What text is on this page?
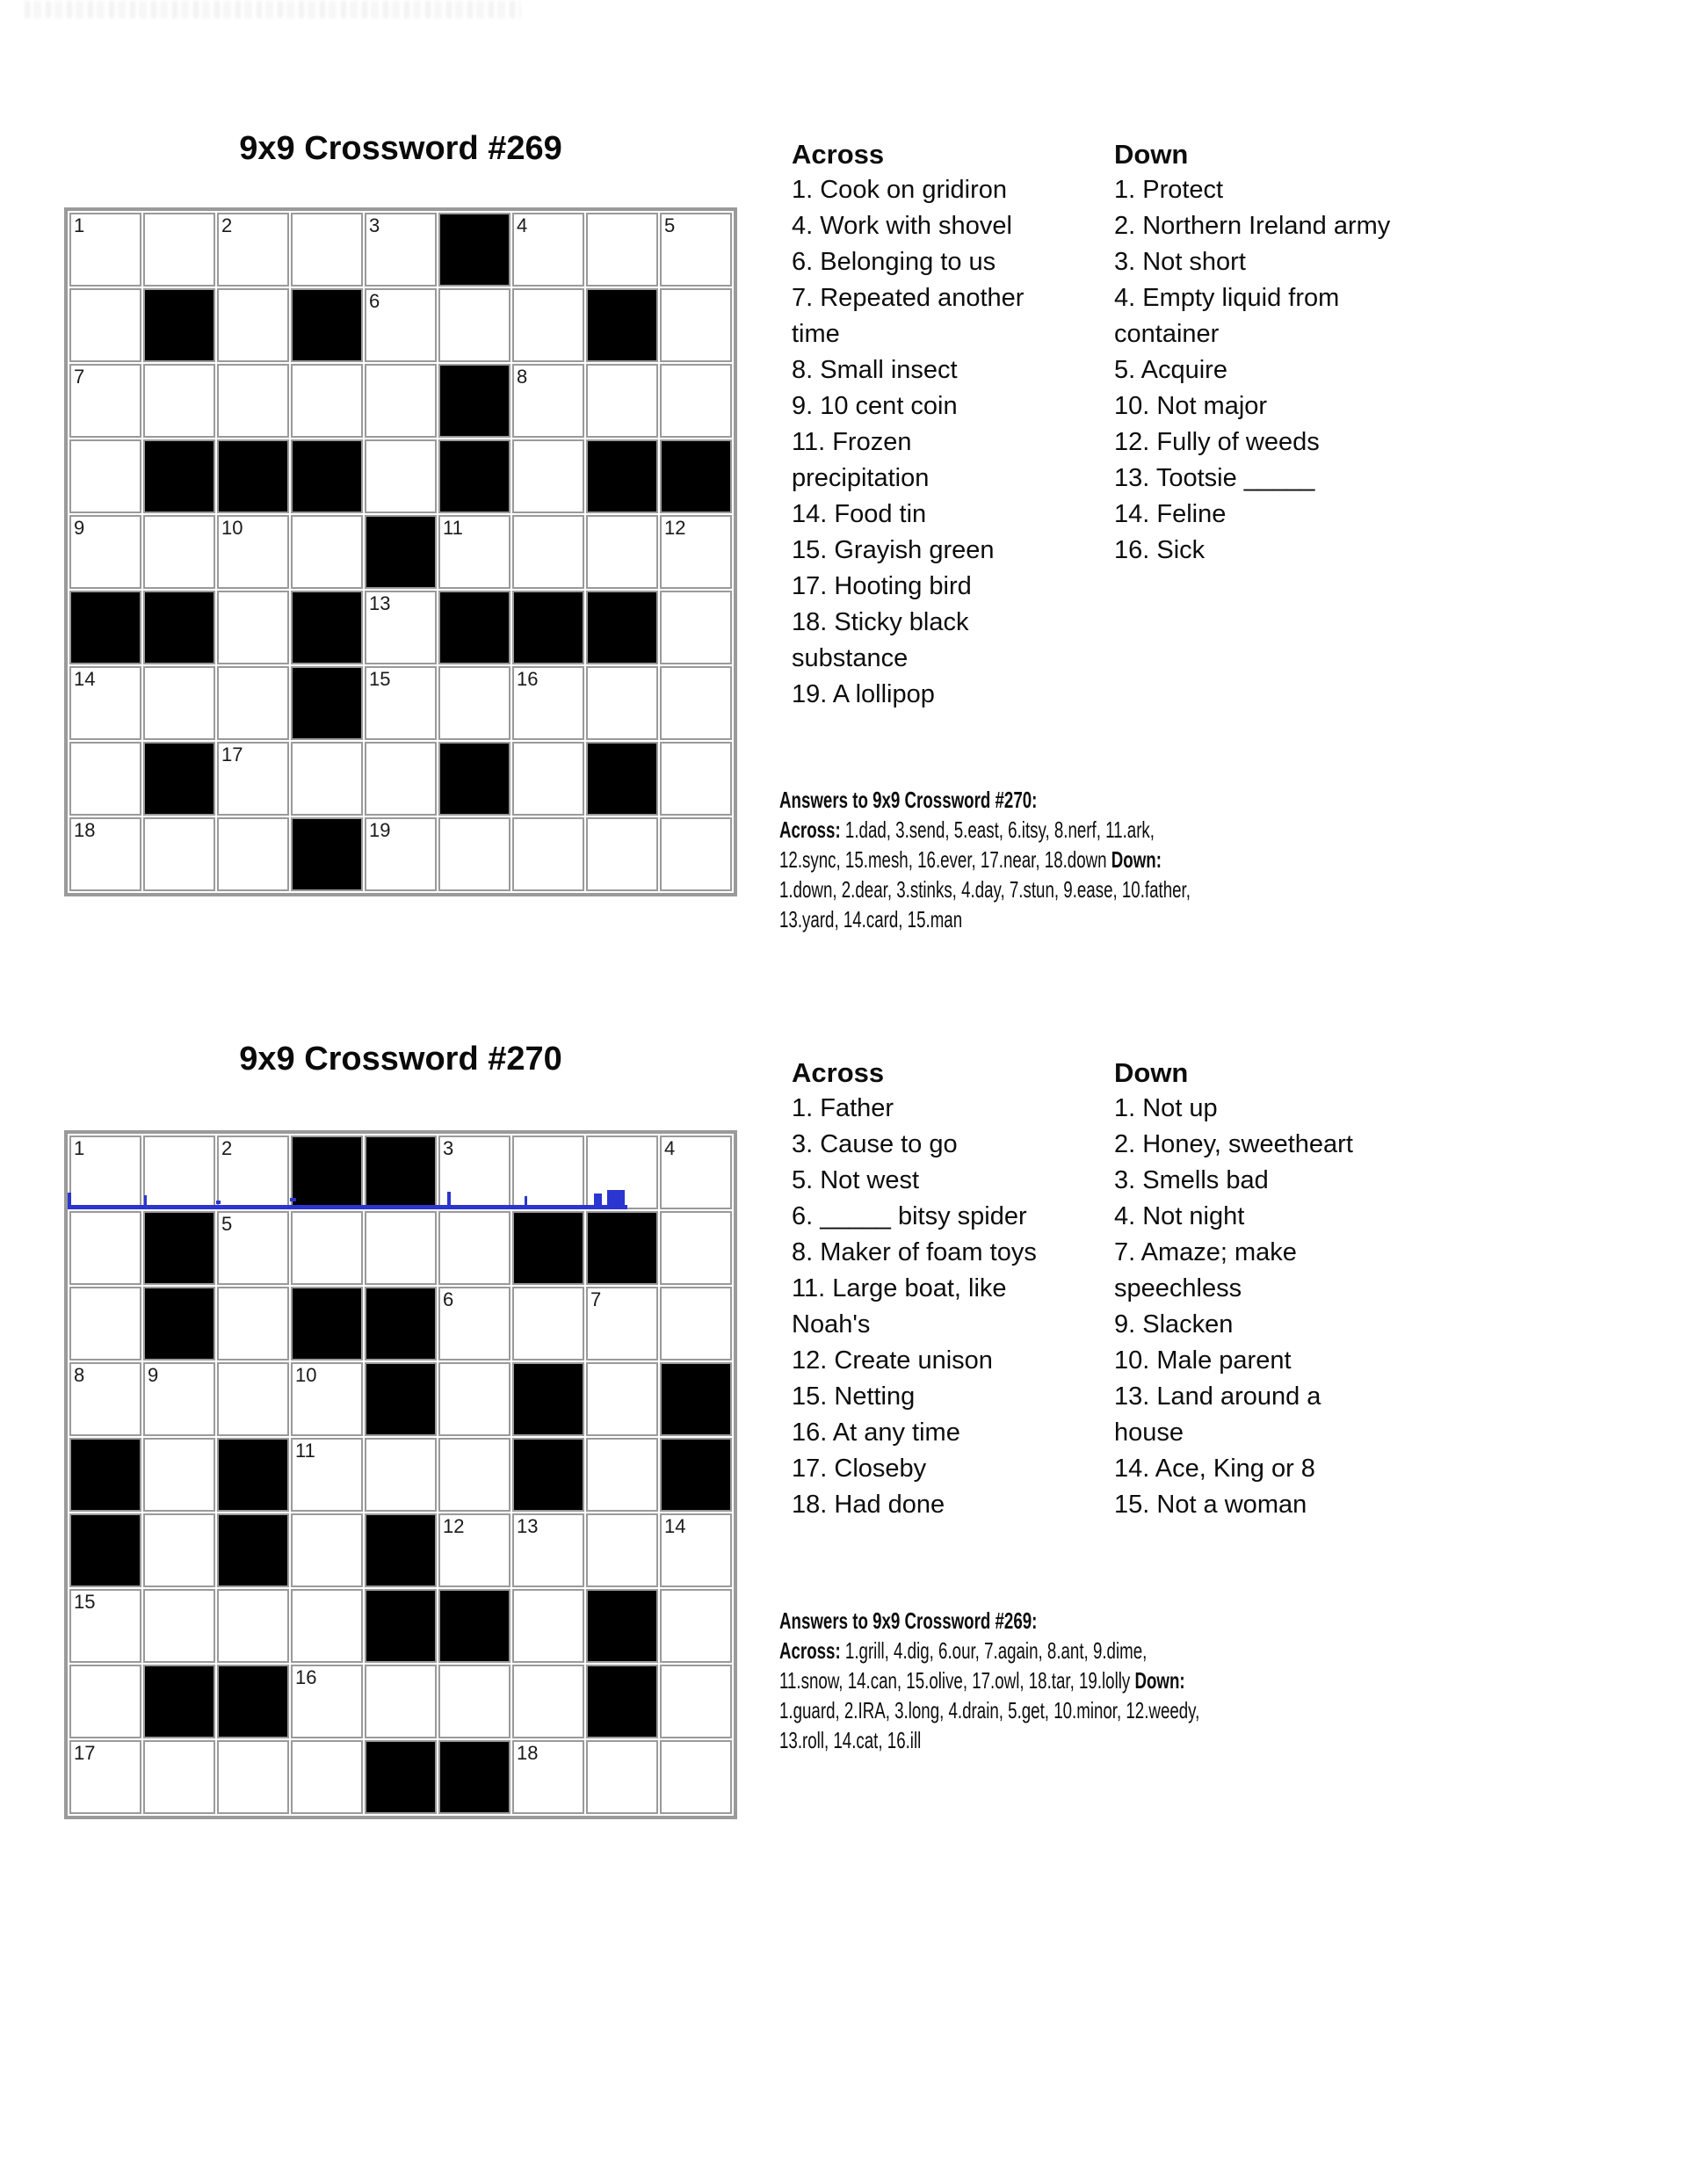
9x9 Crossword #269
1		2		3		4		5

				6				

7						8		

9		10			11			12

				13				

14				15		16		

		17						

18				19				

Across
1. Cook on gridiron
4. Work with shovel
6. Belonging to us
7. Repeated another
time
8. Small insect
9. 10 cent coin
11. Frozen
precipitation
14. Food tin
15. Grayish green
17. Hooting bird
18. Sticky black
substance
19. A lollipop
Down
1. Protect
2. Northern Ireland army
3. Not short
4. Empty liquid from
container
5. Acquire
10. Not major
12. Fully of weeds
13. Tootsie _____
14. Feline
16. Sick
Answers to 9x9 Crossword #270:
Across: 1.dad, 3.send, 5.east, 6.itsy, 8.nerf, 11.ark,
12.sync, 15.mesh, 16.ever, 17.near, 18.down Down:
1.down, 2.dear, 3.stinks, 4.day, 7.stun, 9.ease, 10.father,
13.yard, 14.card, 15.man
9x9 Crossword #270
1		2			3			4

		5						

					6		7	

8	9		10					

			11					

					12	13		14

15								

			16					

17						18		

Across
1. Father
3. Cause to go
5. Not west
6. _____ bitsy spider
8. Maker of foam toys
11. Large boat, like
Noah's
12. Create unison
15. Netting
16. At any time
17. Closeby
18. Had done
Down
1. Not up
2. Honey, sweetheart
3. Smells bad
4. Not night
7. Amaze; make
speechless
9. Slacken
10. Male parent
13. Land around a
house
14. Ace, King or 8
15. Not a woman
Answers to 9x9 Crossword #269:
Across: 1.grill, 4.dig, 6.our, 7.again, 8.ant, 9.dime,
11.snow, 14.can, 15.olive, 17.owl, 18.tar, 19.lolly Down:
1.guard, 2.IRA, 3.long, 4.drain, 5.get, 10.minor, 12.weedy,
13.roll, 14.cat, 16.ill
